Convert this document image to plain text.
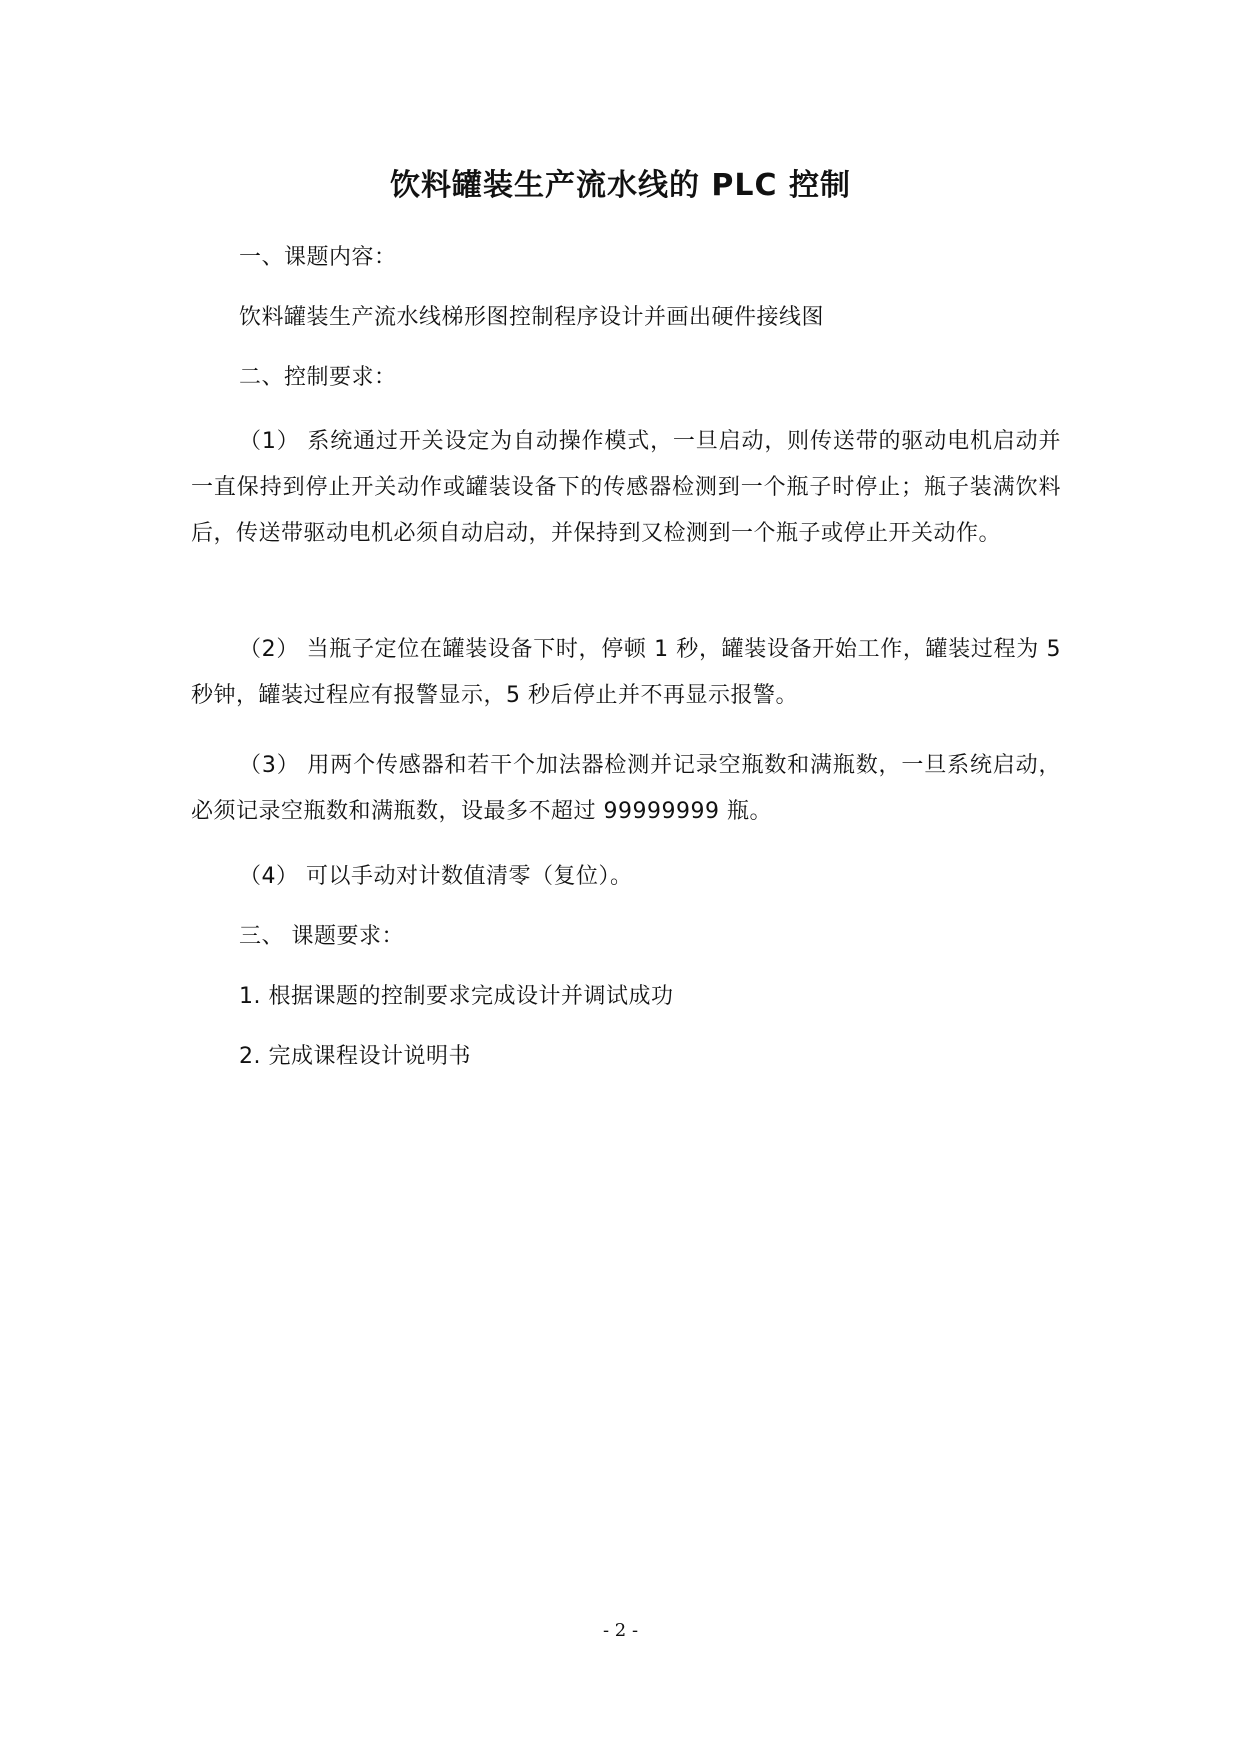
饮料罐装生产流水线的 PLC 控制
一、课题内容：
饮料罐装生产流水线梯形图控制程序设计并画出硬件接线图
二、控制要求：
（1） 系统通过开关设定为自动操作模式，一旦启动，则传送带的驱动电机启动并一直保持到停止开关动作或罐装设备下的传感器检测到一个瓶子时停止；瓶子装满饮料后，传送带驱动电机必须自动启动，并保持到又检测到一个瓶子或停止开关动作。
（2） 当瓶子定位在罐装设备下时，停顿 1 秒，罐装设备开始工作，罐装过程为 5 秒钟，罐装过程应有报警显示，5 秒后停止并不再显示报警。
（3） 用两个传感器和若干个加法器检测并记录空瓶数和满瓶数，一旦系统启动，必须记录空瓶数和满瓶数，设最多不超过 99999999 瓶。
（4） 可以手动对计数值清零（复位）。
三、 课题要求：
1. 根据课题的控制要求完成设计并调试成功
2. 完成课程设计说明书
- 2 -
